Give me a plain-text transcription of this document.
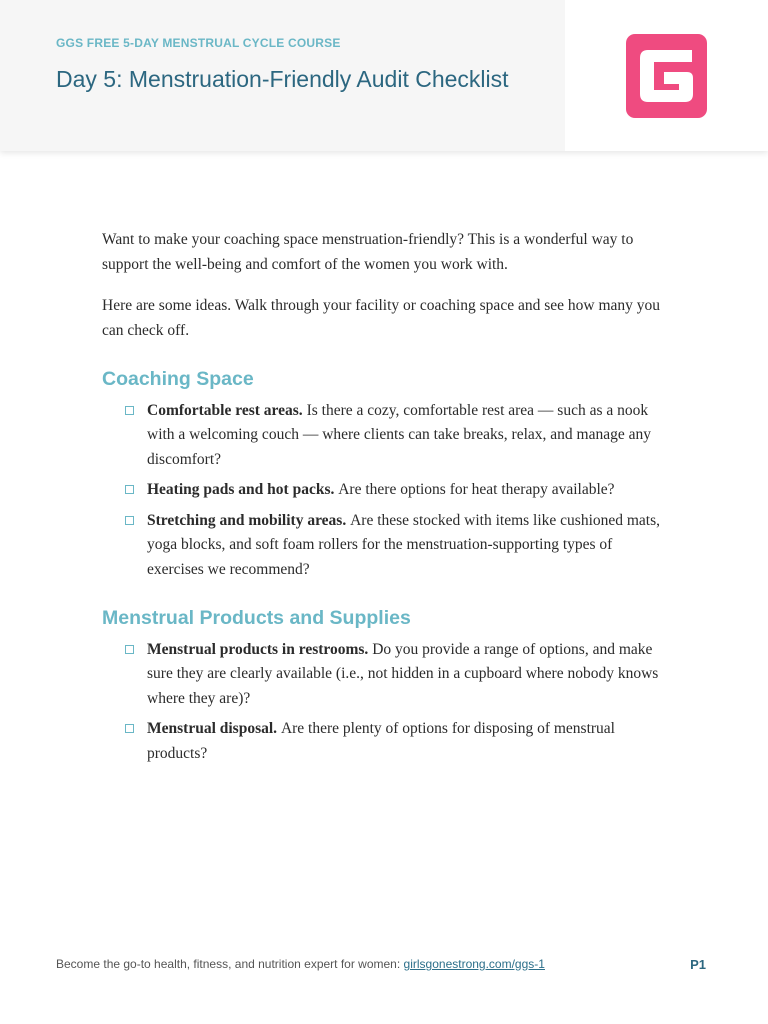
GGS FREE 5-DAY MENSTRUAL CYCLE COURSE
Day 5: Menstruation-Friendly Audit Checklist

Want to make your coaching space menstruation-friendly? This is a wonderful way to support the well-being and comfort of the women you work with.

Here are some ideas. Walk through your facility or coaching space and see how many you can check off.

Coaching Space
Comfortable rest areas. Is there a cozy, comfortable rest area — such as a nook with a welcoming couch — where clients can take breaks, relax, and manage any discomfort?
Heating pads and hot packs. Are there options for heat therapy available?
Stretching and mobility areas. Are these stocked with items like cushioned mats, yoga blocks, and soft foam rollers for the menstruation-supporting types of exercises we recommend?
Menstrual Products and Supplies
Menstrual products in restrooms. Do you provide a range of options, and make sure they are clearly available (i.e., not hidden in a cupboard where nobody knows where they are)?
Menstrual disposal. Are there plenty of options for disposing of menstrual products?
Become the go-to health, fitness, and nutrition expert for women: girlsgonestrong.com/ggs-1	P1
